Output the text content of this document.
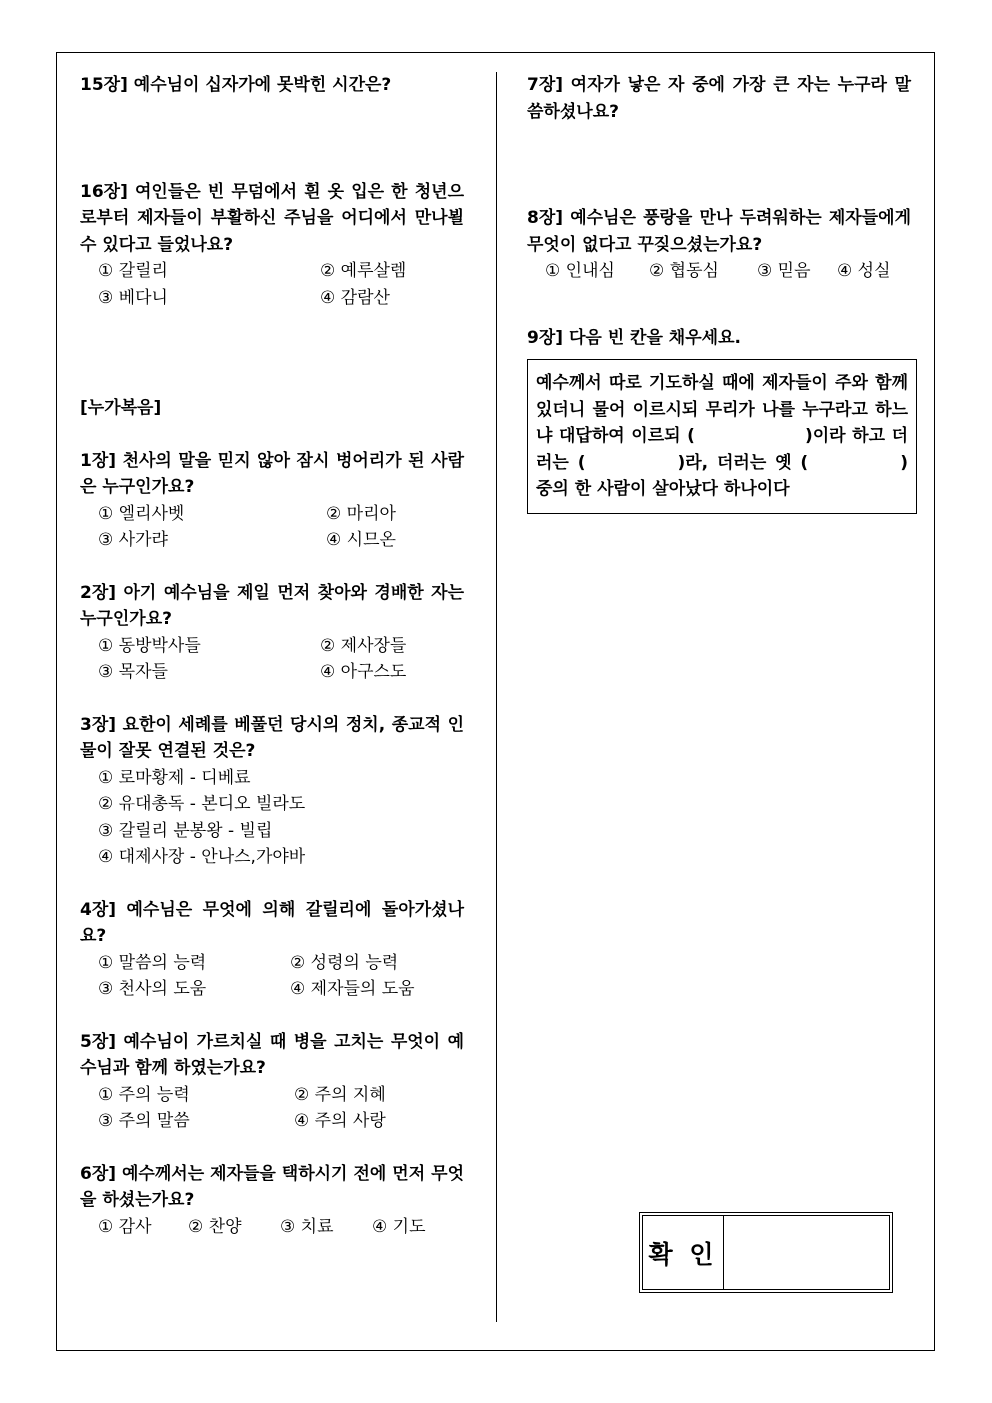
15장] 예수님이 십자가에 못박힌 시간은?

16장] 여인들은 빈 무덤에서 흰 옷 입은 한 청년으로부터 제자들이 부활하신 주님을 어디에서 만나뵐 수 있다고 들었나요?

① 갈릴리	② 예루살렘
③ 베다니	④ 감람산

[누가복음]

1장] 천사의 말을 믿지 않아 잠시 벙어리가 된 사람은 누구인가요?

① 엘리사벳	② 마리아
③ 사가랴	④ 시므온

2장] 아기 예수님을 제일 먼저 찾아와 경배한 자는 누구인가요?

① 동방박사들	② 제사장들
③ 목자들	④ 아구스도

3장] 요한이 세례를 베풀던 당시의 정치, 종교적 인물이 잘못 연결된 것은?

① 로마황제 - 디베료
② 유대총독 - 본디오 빌라도
③ 갈릴리 분봉왕 - 빌립
④ 대제사장 - 안나스,가야바

4장] 예수님은 무엇에 의해 갈릴리에 돌아가셨나요?

① 말씀의 능력	② 성령의 능력
③ 천사의 도움	④ 제자들의 도움

5장] 예수님이 가르치실 때 병을 고치는 무엇이 예수님과 함께 하였는가요?

① 주의 능력	② 주의 지혜
③ 주의 말씀	④ 주의 사랑

6장] 예수께서는 제자들을 택하시기 전에 먼저 무엇을 하셨는가요?

① 감사	② 찬양	③ 치료	④ 기도

7장] 여자가 낳은 자 중에 가장 큰 자는 누구라 말씀하셨나요?

8장] 예수님은 풍랑을 만나 두려워하는 제자들에게 무엇이 없다고 꾸짖으셨는가요?

① 인내심	② 협동심	③ 믿음	④ 성실

9장] 다음 빈 칸을 채우세요.

예수께서 따로 기도하실 때에 제자들이 주와 함께 있더니 물어 이르시되 무리가 나를 누구라고 하느냐 대답하여 이르되 (	)이라 하고 더러는 (	)라, 더러는 옛 (	) 중의 한 사람이 살아났다 하나이다
확 인
